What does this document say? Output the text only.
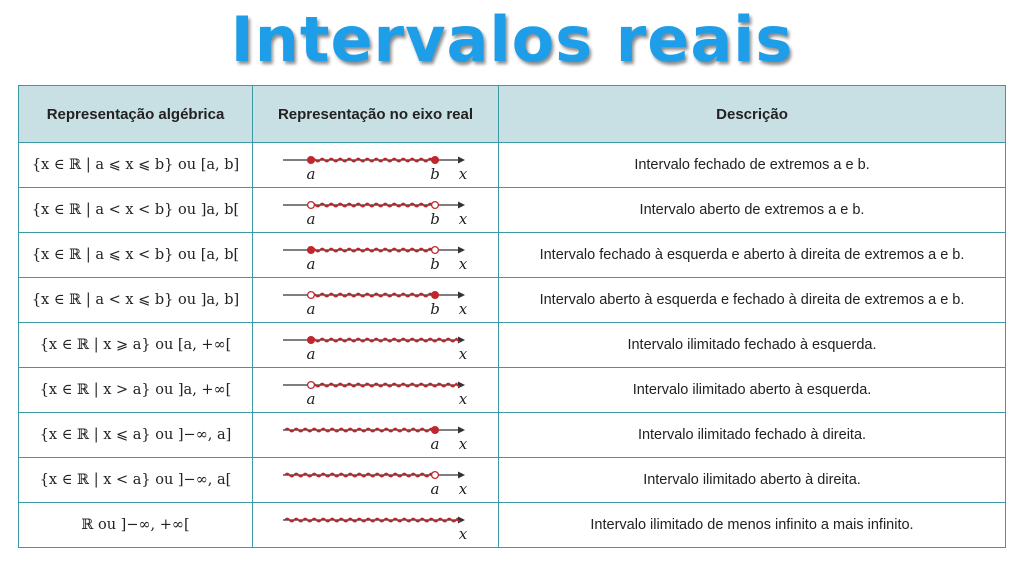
Intervalos reais
Representação algébrica	Representação no eixo real	Descrição
{x ∈ ℝ | a ⩽ x ⩽ b} ou [a, b]	a b x	Intervalo fechado de extremos a e b.
{x ∈ ℝ | a < x < b} ou ]a, b[	a b x	Intervalo aberto de extremos a e b.
{x ∈ ℝ | a ⩽ x < b} ou [a, b[	a b x	Intervalo fechado à esquerda e aberto à direita de extremos a e b.
{x ∈ ℝ | a < x ⩽ b} ou ]a, b]	a b x	Intervalo aberto à esquerda e fechado à direita de extremos a e b.
{x ∈ ℝ | x ⩾ a} ou [a, +∞[	a x	Intervalo ilimitado fechado à esquerda.
{x ∈ ℝ | x > a} ou ]a, +∞[	a x	Intervalo ilimitado aberto à esquerda.
{x ∈ ℝ | x ⩽ a} ou ]−∞, a]	a x	Intervalo ilimitado fechado à direita.
{x ∈ ℝ | x < a} ou ]−∞, a[	a x	Intervalo ilimitado aberto à direita.
ℝ ou ]−∞, +∞[	x	Intervalo ilimitado de menos infinito a mais infinito.
